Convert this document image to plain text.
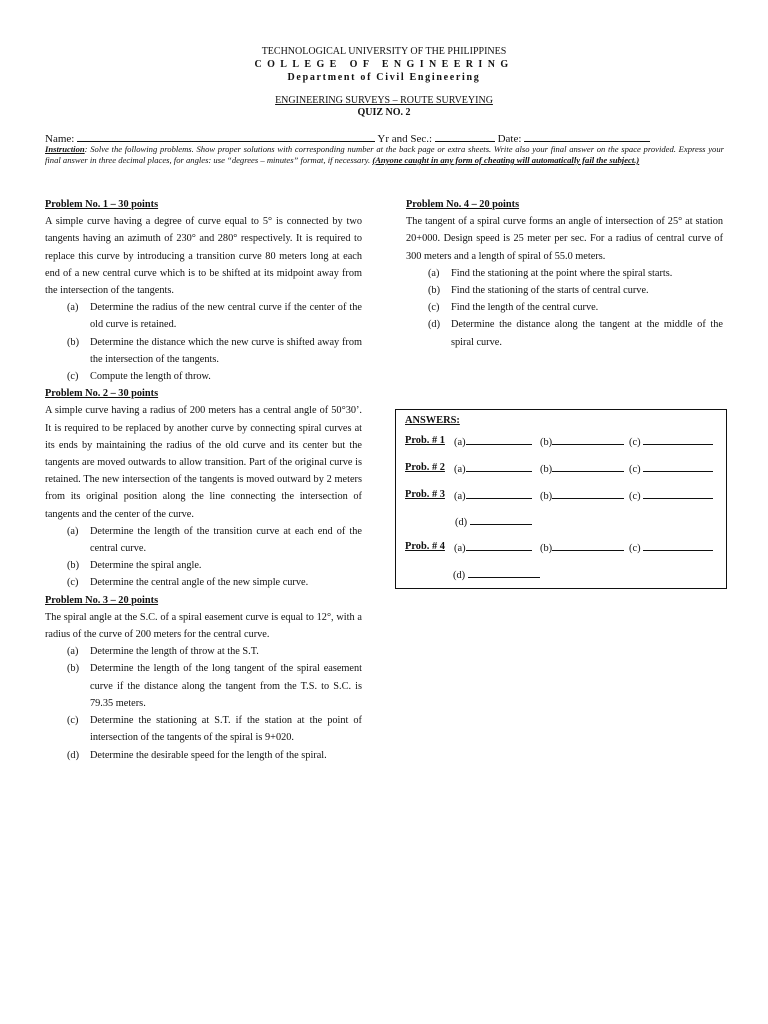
TECHNOLOGICAL UNIVERSITY OF THE PHILIPPINES
COLLEGE OF ENGINEERING
Department of Civil Engineering
ENGINEERING SURVEYS – ROUTE SURVEYING
QUIZ NO. 2
Name:	Yr and Sec.:	Date:
Instruction: Solve the following problems. Show proper solutions with corresponding number at the back page or extra sheets. Write also your final answer on the space provided. Express your final answer in three decimal places, for angles: use “degrees – minutes” format, if necessary. (Anyone caught in any form of cheating will automatically fail the subject.)
Problem No. 1 – 30 points
A simple curve having a degree of curve equal to 5° is connected by two tangents having an azimuth of 230° and 280° respectively. It is required to replace this curve by introducing a transition curve 80 meters long at each end of a new central curve which is to be shifted at its midpoint away from the intersection of the tangents.
(a) Determine the radius of the new central curve if the center of the old curve is retained.
(b) Determine the distance which the new curve is shifted away from the intersection of the tangents.
(c) Compute the length of throw.
Problem No. 2 – 30 points
A simple curve having a radius of 200 meters has a central angle of 50°30’. It is required to be replaced by another curve by connecting spiral curves at its ends by maintaining the radius of the old curve and its center but the tangents are moved outwards to allow transition. Part of the original curve is retained. The new intersection of the tangents is moved outward by 2 meters from its original position along the line connecting the intersection of tangents and the center of the curve.
(a) Determine the length of the transition curve at each end of the central curve.
(b) Determine the spiral angle.
(c) Determine the central angle of the new simple curve.
Problem No. 3 – 20 points
The spiral angle at the S.C. of a spiral easement curve is equal to 12°, with a radius of the curve of 200 meters for the central curve.
(a) Determine the length of throw at the S.T.
(b) Determine the length of the long tangent of the spiral easement curve if the distance along the tangent from the T.S. to S.C. is 79.35 meters.
(c) Determine the stationing at S.T. if the station at the point of intersection of the tangents of the spiral is 9+020.
(d) Determine the desirable speed for the length of the spiral.
Problem No. 4 – 20 points
The tangent of a spiral curve forms an angle of intersection of 25° at station 20+000. Design speed is 25 meter per sec. For a radius of central curve of 300 meters and a length of spiral of 55.0 meters.
(a) Find the stationing at the point where the spiral starts.
(b) Find the stationing of the starts of central curve.
(c) Find the length of the central curve.
(d) Determine the distance along the tangent at the middle of the spiral curve.
ANSWERS:
Prob. # 1 (a)	(b)	(c)
Prob. # 2 (a)	(b)	(c)
Prob. # 3 (a)	(b)	(c)
(d)
Prob. # 4 (a)	(b)	(c)
(d)
